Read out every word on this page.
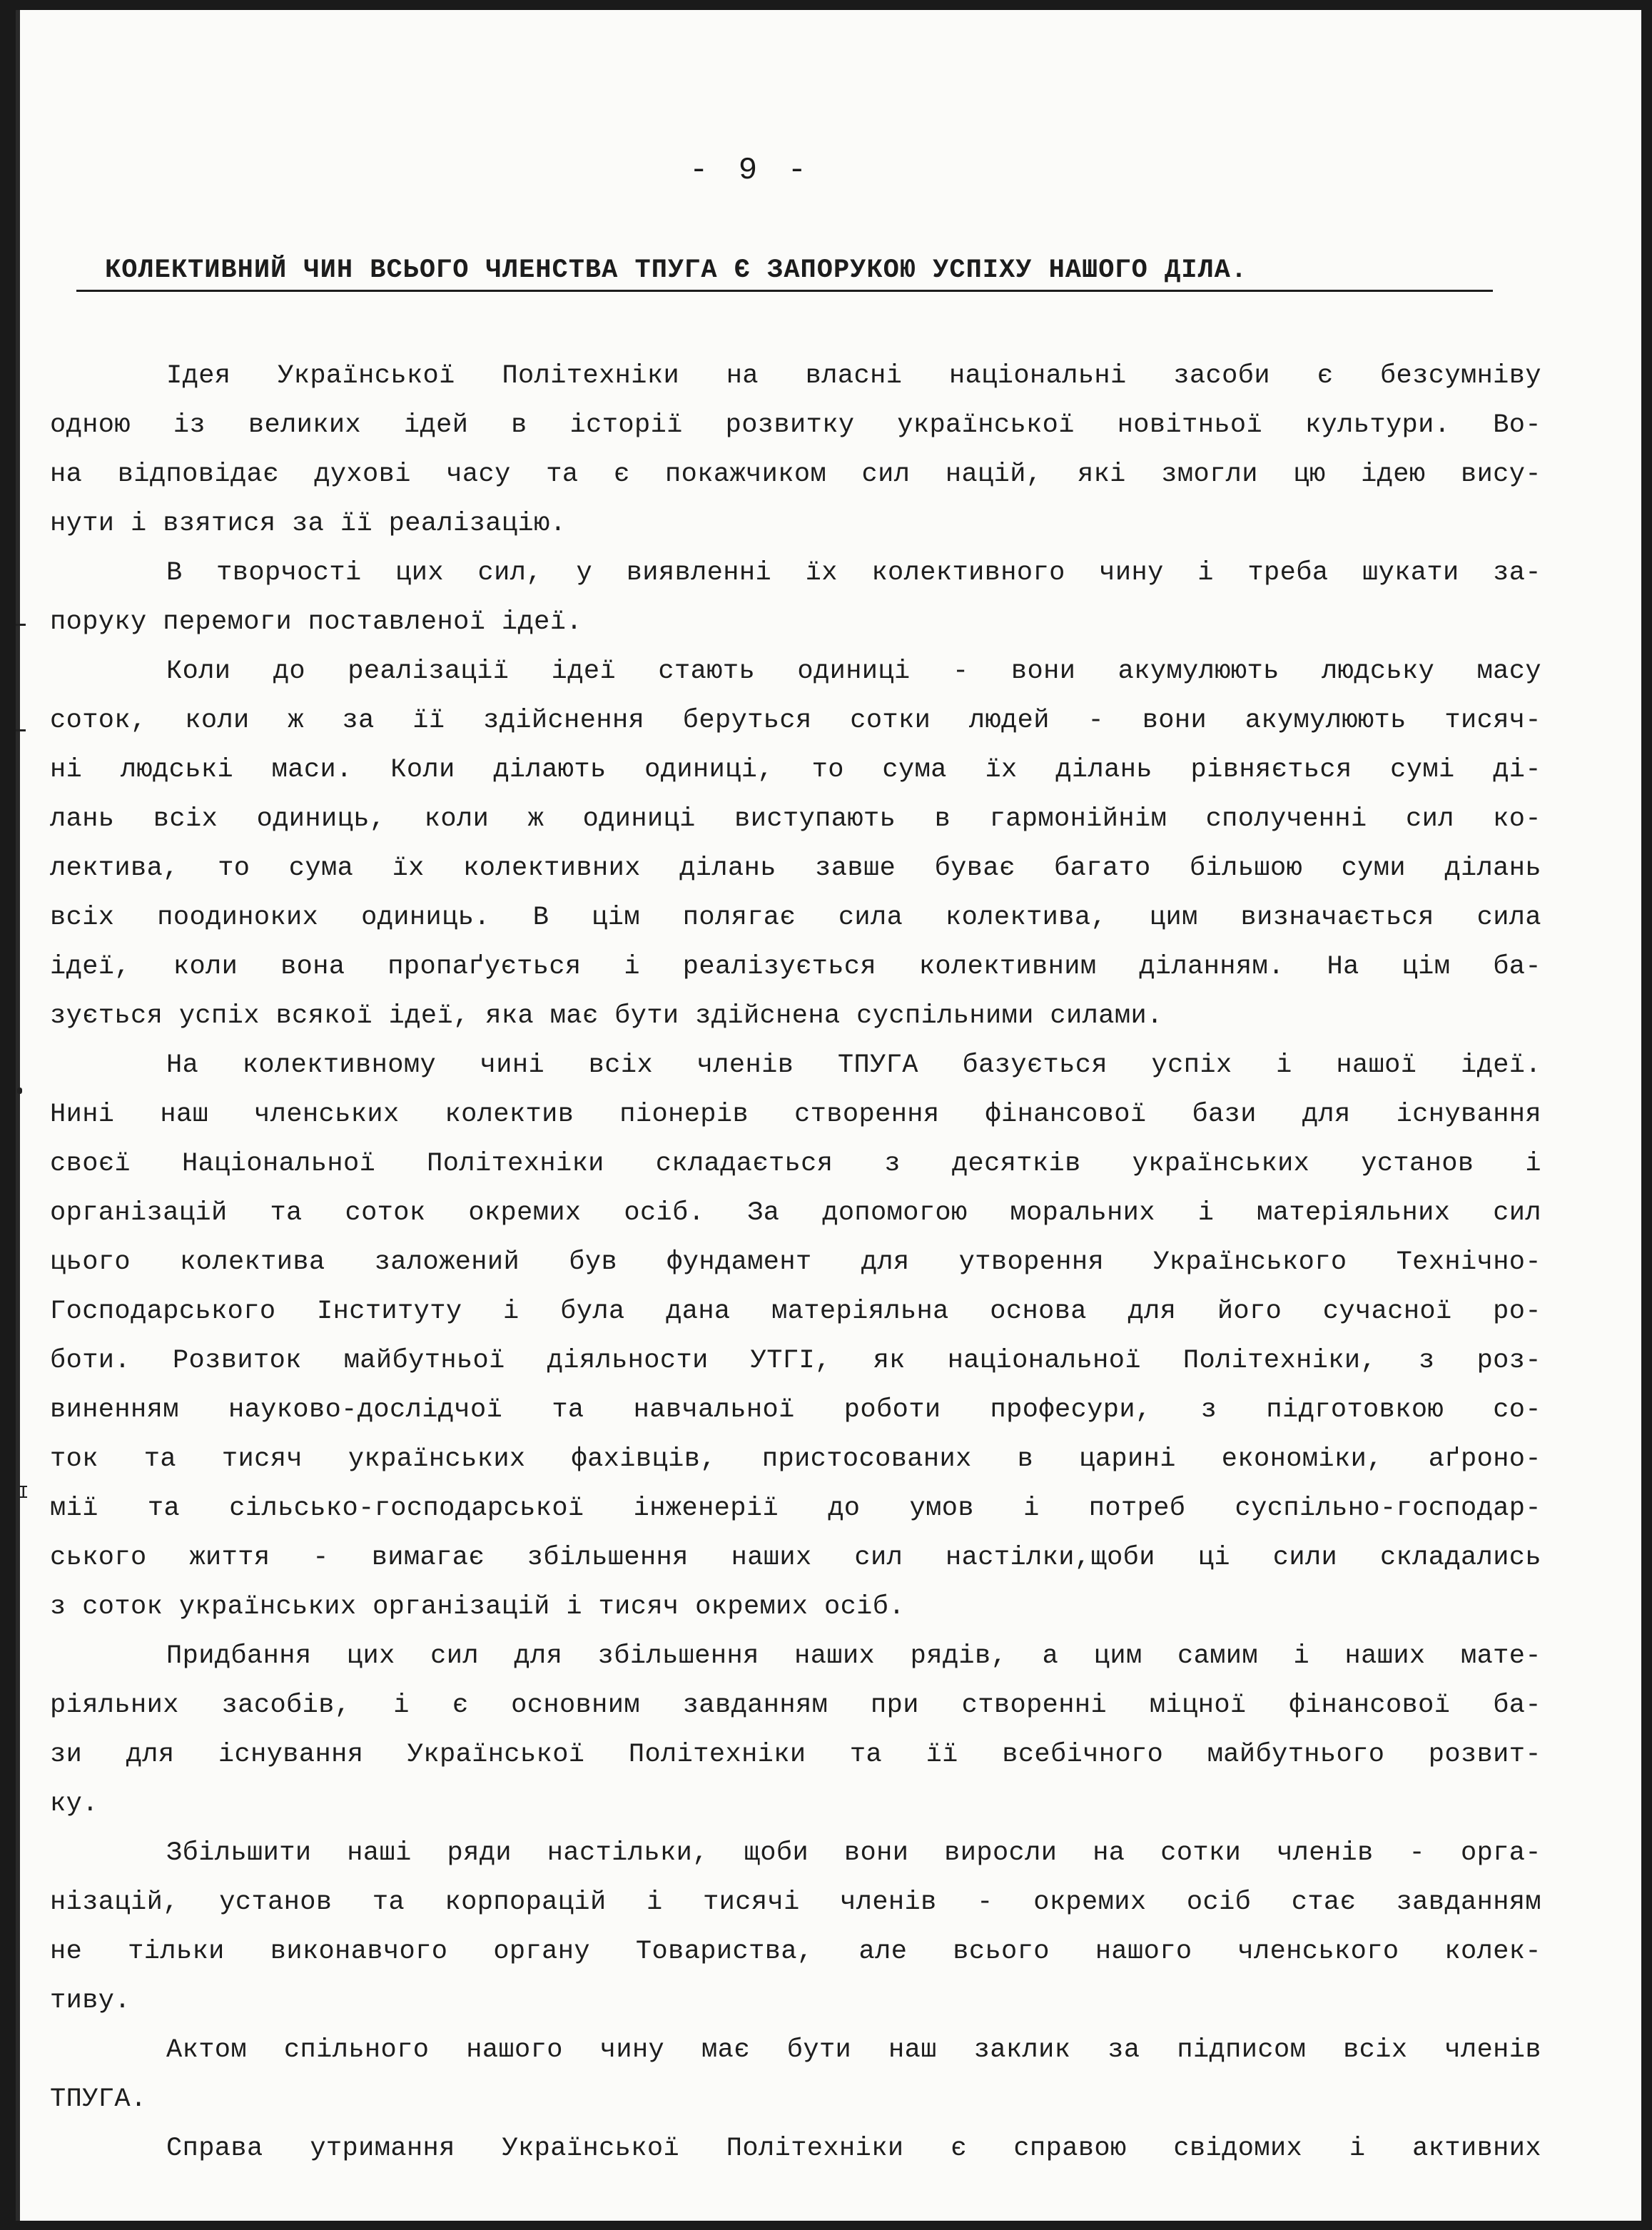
I

- 9 -

КОЛЕКТИВНИЙ ЧИН ВСЬОГО ЧЛЕНСТВА ТПУГА Є ЗАПОРУКОЮ УСПІХУ НАШОГО ДІЛА.
Ідея Української Політехніки на власні національні засоби є безсумніву
одною із великих ідей в історії розвитку української новітньої культури. Во-
на відповідає духові часу та є покажчиком сил націй, які змогли цю ідею вису-
нути і взятися за її реалізацію.
В творчості цих сил, у виявленні їх колективного чину і треба шукати за-
поруку перемоги поставленої ідеї.
Коли до реалізації ідеї стають одиниці - вони акумулюють людську масу
соток, коли ж за її здійснення беруться сотки людей - вони акумулюють тисяч-
ні людські маси. Коли ділають одиниці, то сума їх ділань рівняється сумі ді-
лань всіх одиниць, коли ж одиниці виступають в гармонійнім сполученні сил ко-
лектива, то сума їх колективних ділань завше буває багато більшою суми ділань
всіх поодиноких одиниць. В цім полягає сила колектива, цим визначається сила
ідеї, коли вона пропаґується і реалізується колективним діланням. На цім ба-
зується успіх всякої ідеї, яка має бути здійснена суспільними силами.
На колективному чині всіх членів ТПУГА базується успіх і нашої ідеї.
Нині наш членських колектив піонерів створення фінансової бази для існування
своєї Національної Політехніки складається з десятків українських установ і
організацій та соток окремих осіб. За допомогою моральних і матеріяльних сил
цього колектива заложений був фундамент для утворення Українського Технічно-
Господарського Інституту і була дана матеріяльна основа для його сучасної ро-
боти. Розвиток майбутньої діяльности УТГІ, як національної Політехніки, з роз-
виненням науково-дослідчої та навчальної роботи професури, з підготовкою со-
ток та тисяч українських фахівців, пристосованих в царині економіки, аґроно-
мії та сільсько-господарської інженерії до умов і потреб суспільно-господар-
ського життя - вимагає збільшення наших сил настілки,щоби ці сили складались
з соток українських організацій і тисяч окремих осіб.
Придбання цих сил для збільшення наших рядів, а цим самим і наших мате-
ріяльних засобів, і є основним завданням при створенні міцної фінансової ба-
зи для існування Української Політехніки та її всебічного майбутнього розвит-
ку.
Збільшити наші ряди настільки, щоби вони виросли на сотки членів - орга-
нізацій, установ та корпорацій і тисячі членів - окремих осіб стає завданням
не тільки виконавчого органу Товариства, але всього нашого членського колек-
тиву.
Актом спільного нашого чину має бути наш заклик за підписом всіх членів
ТПУГА.
Справа утримання Української Політехніки є справою свідомих і активних
